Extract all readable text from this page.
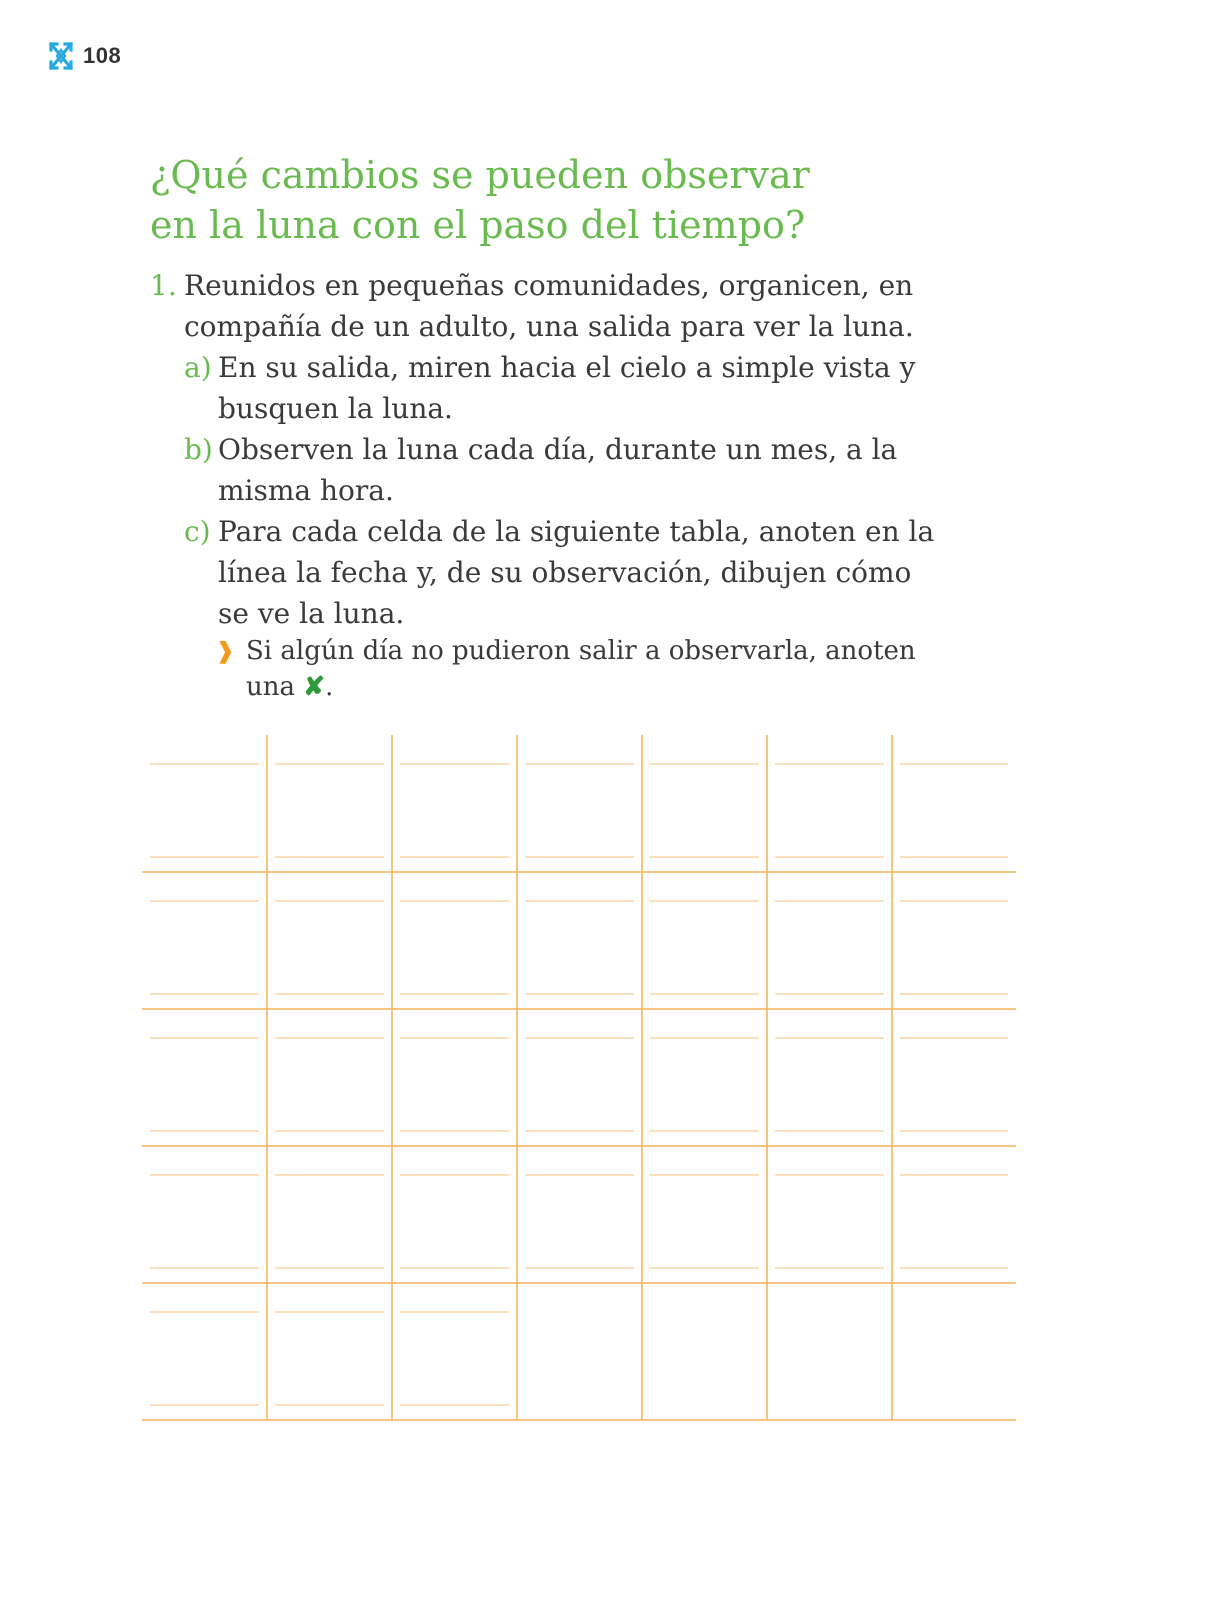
108
¿Qué cambios se pueden observar
en la luna con el paso del tiempo?
1. Reunidos en pequeñas comunidades, organicen, en
compañía de un adulto, una salida para ver la luna.
a) En su salida, miren hacia el cielo a simple vista y
busquen la luna.
b) Observen la luna cada día, durante un mes, a la
misma hora.
c) Para cada celda de la siguiente tabla, anoten en la
línea la fecha y, de su observación, dibujen cómo
se ve la luna.
❱ Si algún día no pudieron salir a observarla, anoten
una ✘.
